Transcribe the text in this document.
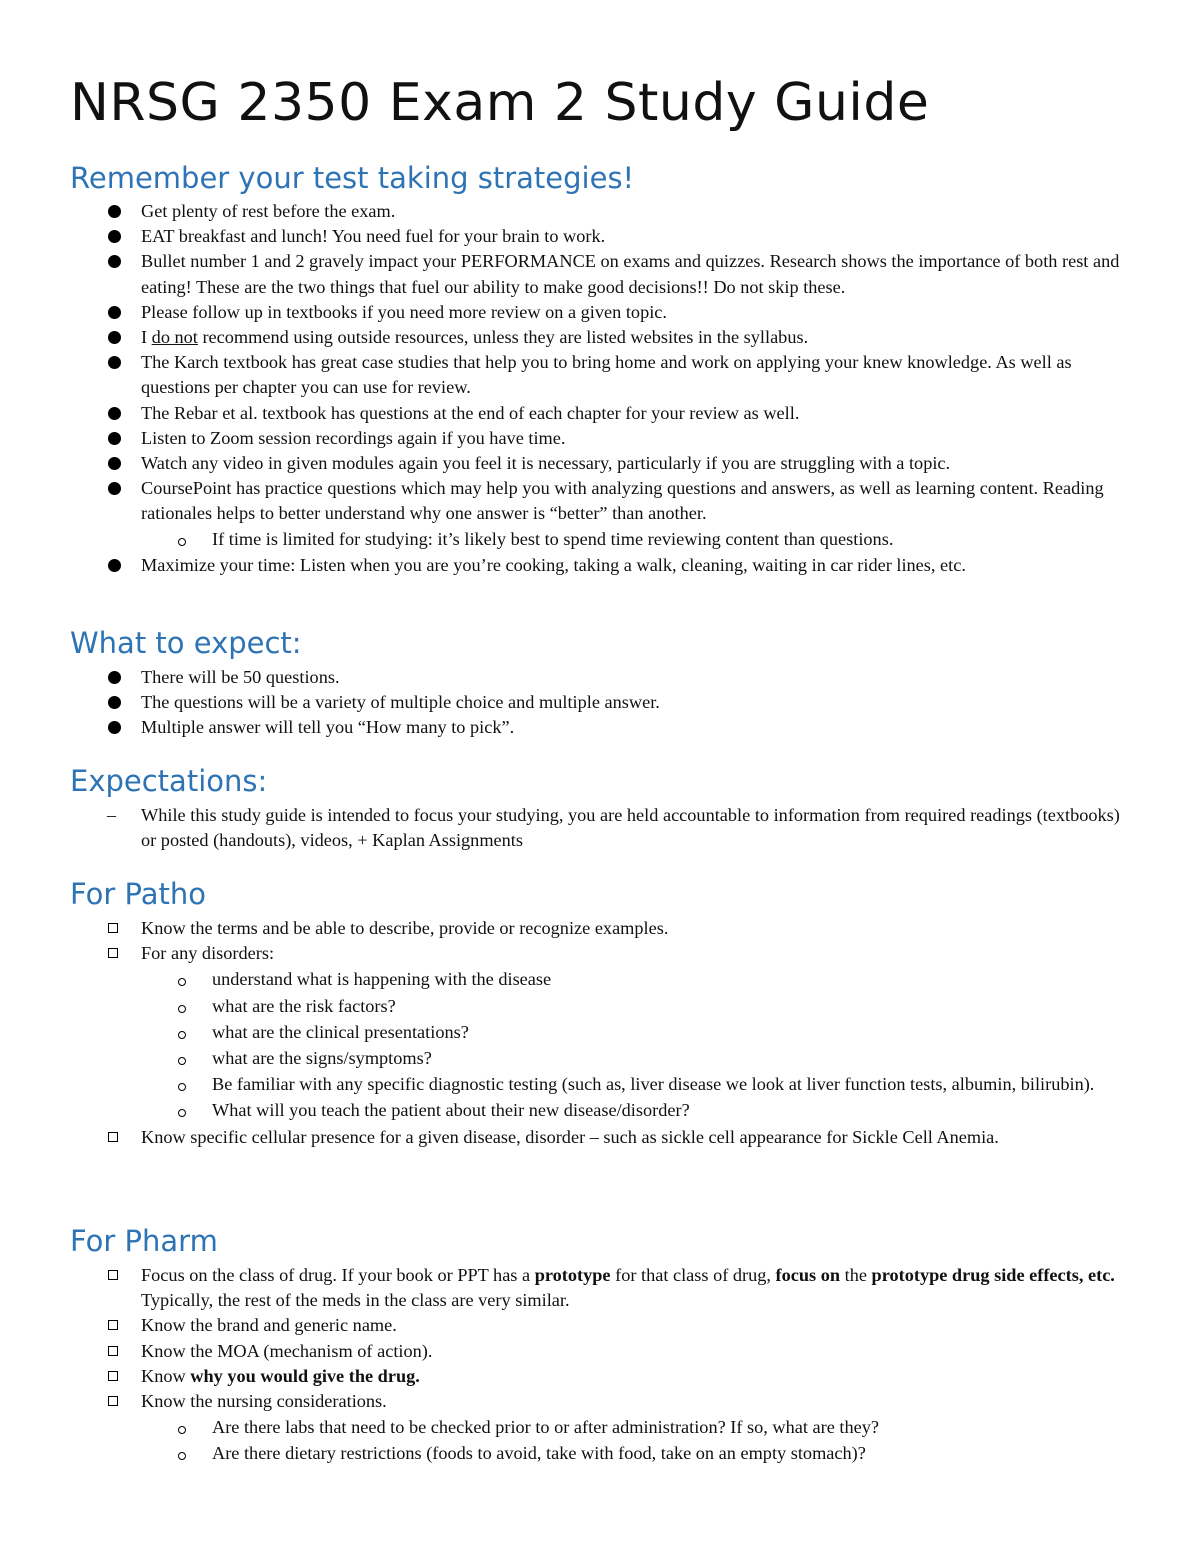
NRSG 2350 Exam 2 Study Guide
Remember your test taking strategies!
Get plenty of rest before the exam.
EAT breakfast and lunch! You need fuel for your brain to work.
Bullet number 1 and 2 gravely impact your PERFORMANCE on exams and quizzes. Research shows the importance of both rest and eating! These are the two things that fuel our ability to make good decisions!! Do not skip these.
Please follow up in textbooks if you need more review on a given topic.
I do not recommend using outside resources, unless they are listed websites in the syllabus.
The Karch textbook has great case studies that help you to bring home and work on applying your knew knowledge. As well as questions per chapter you can use for review.
The Rebar et al. textbook has questions at the end of each chapter for your review as well.
Listen to Zoom session recordings again if you have time.
Watch any video in given modules again you feel it is necessary, particularly if you are struggling with a topic.
CoursePoint has practice questions which may help you with analyzing questions and answers, as well as learning content. Reading rationales helps to better understand why one answer is “better” than another.
If time is limited for studying: it’s likely best to spend time reviewing content than questions.
Maximize your time: Listen when you are you’re cooking, taking a walk, cleaning, waiting in car rider lines, etc.
What to expect:
There will be 50 questions.
The questions will be a variety of multiple choice and multiple answer.
Multiple answer will tell you “How many to pick”.
Expectations:
– While this study guide is intended to focus your studying, you are held accountable to information from required readings (textbooks) or posted (handouts), videos, + Kaplan Assignments
For Patho
Know the terms and be able to describe, provide or recognize examples.
For any disorders:
understand what is happening with the disease
what are the risk factors?
what are the clinical presentations?
what are the signs/symptoms?
Be familiar with any specific diagnostic testing (such as, liver disease we look at liver function tests, albumin, bilirubin).
What will you teach the patient about their new disease/disorder?
Know specific cellular presence for a given disease, disorder – such as sickle cell appearance for Sickle Cell Anemia.
For Pharm
Focus on the class of drug. If your book or PPT has a prototype for that class of drug, focus on the prototype drug side effects, etc. Typically, the rest of the meds in the class are very similar.
Know the brand and generic name.
Know the MOA (mechanism of action).
Know why you would give the drug.
Know the nursing considerations.
Are there labs that need to be checked prior to or after administration? If so, what are they?
Are there dietary restrictions (foods to avoid, take with food, take on an empty stomach)?
